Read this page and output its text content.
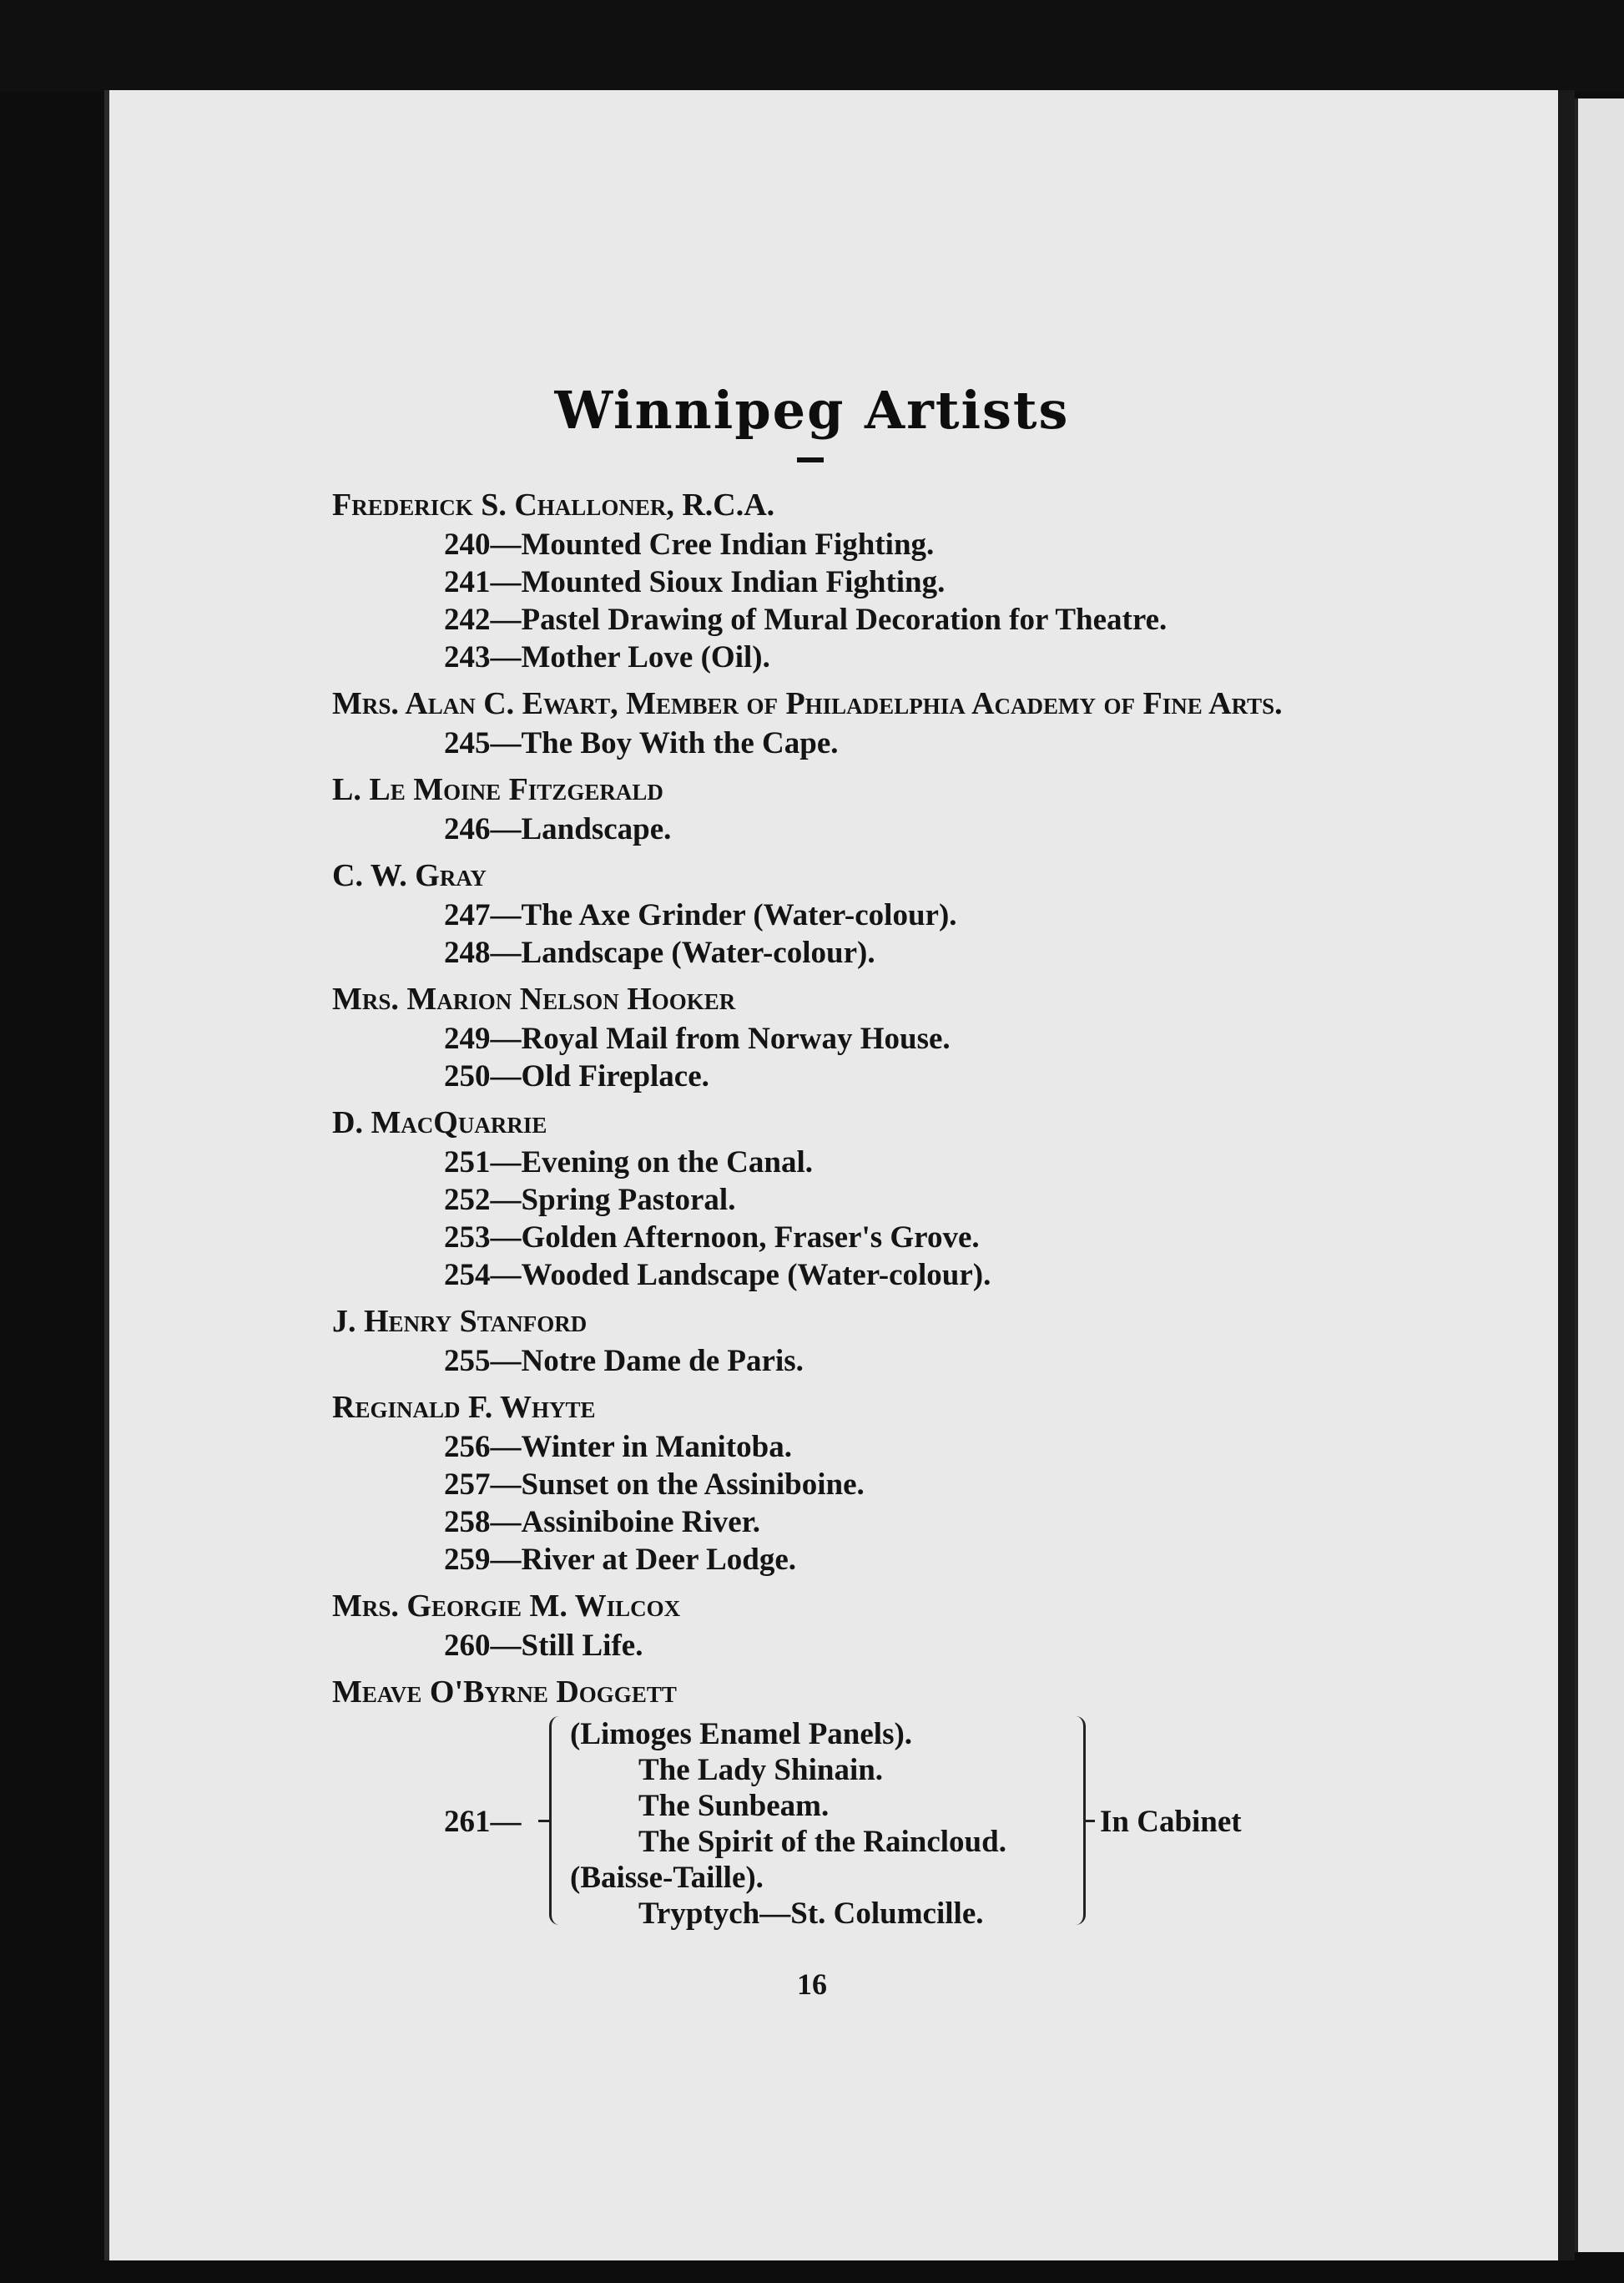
Winnipeg Artists
Frederick S. Challoner, R.C.A.
240—Mounted Cree Indian Fighting.
241—Mounted Sioux Indian Fighting.
242—Pastel Drawing of Mural Decoration for Theatre.
243—Mother Love (Oil).
Mrs. Alan C. Ewart, Member of Philadelphia Academy of Fine Arts.
245—The Boy With the Cape.
L. Le Moine Fitzgerald
246—Landscape.
C. W. Gray
247—The Axe Grinder (Water-colour).
248—Landscape (Water-colour).
Mrs. Marion Nelson Hooker
249—Royal Mail from Norway House.
250—Old Fireplace.
D. MacQuarrie
251—Evening on the Canal.
252—Spring Pastoral.
253—Golden Afternoon, Fraser's Grove.
254—Wooded Landscape (Water-colour).
J. Henry Stanford
255—Notre Dame de Paris.
Reginald F. Whyte
256—Winter in Manitoba.
257—Sunset on the Assiniboine.
258—Assiniboine River.
259—River at Deer Lodge.
Mrs. Georgie M. Wilcox
260—Still Life.
Meave O'Byrne Doggett
261—
(Limoges Enamel Panels).
The Lady Shinain.
The Sunbeam.
The Spirit of the Raincloud.
(Baisse-Taille).
Tryptych—St. Columcille.
In Cabinet
16
